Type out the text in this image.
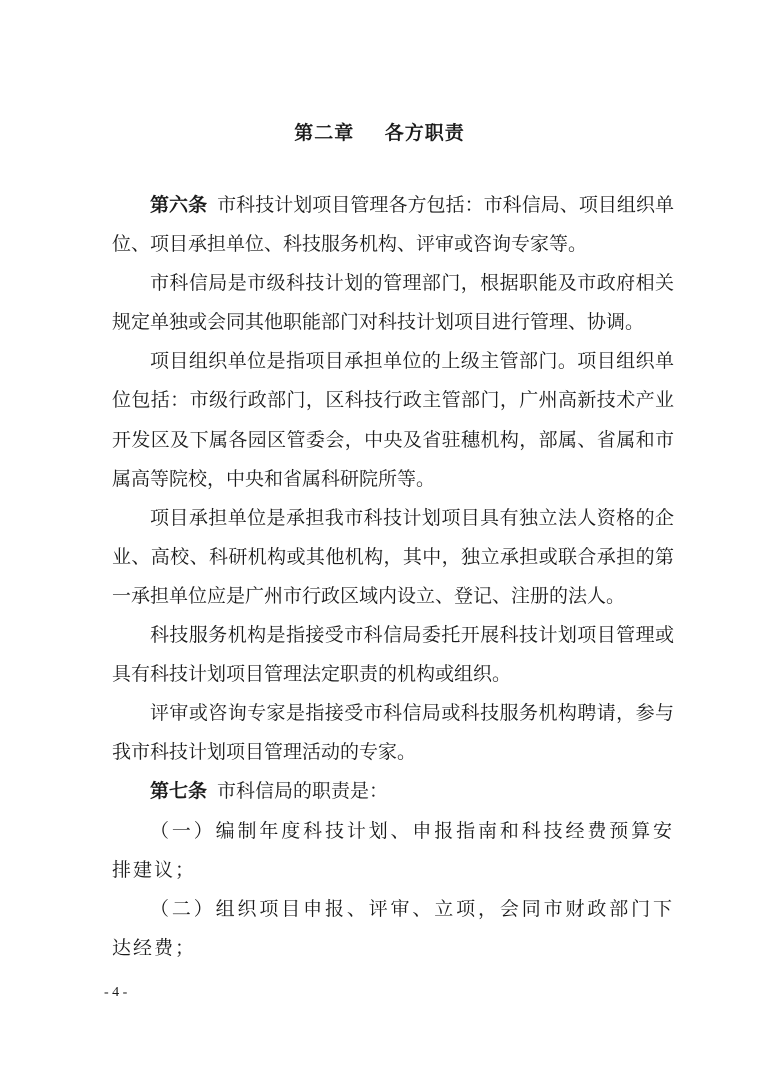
第二章    各方职责

第六条 市科技计划项目管理各方包括：市科信局、项目组织单位、项目承担单位、科技服务机构、评审或咨询专家等。

市科信局是市级科技计划的管理部门，根据职能及市政府相关规定单独或会同其他职能部门对科技计划项目进行管理、协调。

项目组织单位是指项目承担单位的上级主管部门。项目组织单位包括：市级行政部门，区科技行政主管部门，广州高新技术产业开发区及下属各园区管委会，中央及省驻穗机构，部属、省属和市属高等院校，中央和省属科研院所等。

项目承担单位是承担我市科技计划项目具有独立法人资格的企业、高校、科研机构或其他机构，其中，独立承担或联合承担的第一承担单位应是广州市行政区域内设立、登记、注册的法人。

科技服务机构是指接受市科信局委托开展科技计划项目管理或具有科技计划项目管理法定职责的机构或组织。

评审或咨询专家是指接受市科信局或科技服务机构聘请，参与我市科技计划项目管理活动的专家。

第七条 市科信局的职责是：

（一）编制年度科技计划、申报指南和科技经费预算安排建议；

（二）组织项目申报、评审、立项，会同市财政部门下达经费；

- 4 -
